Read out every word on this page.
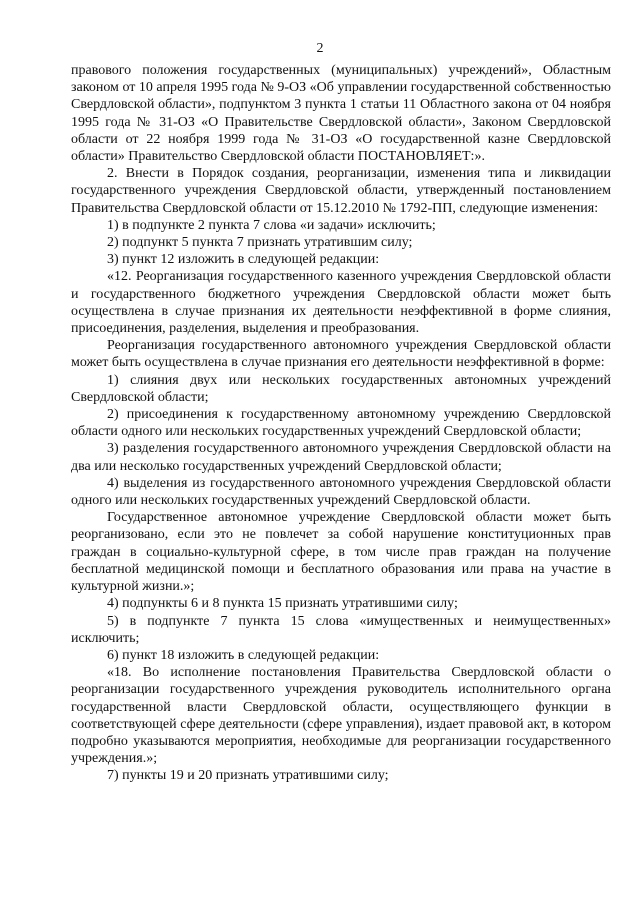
2

правового положения государственных (муниципальных) учреждений», Областным законом от 10 апреля 1995 года № 9-ОЗ «Об управлении государственной собственностью Свердловской области», подпунктом 3 пункта 1 статьи 11 Областного закона от 04 ноября 1995 года № 31-ОЗ «О Правительстве Свердловской области», Законом Свердловской области от 22 ноября 1999 года № 31-ОЗ «О государственной казне Свердловской области» Правительство Свердловской области ПОСТАНОВЛЯЕТ:».

2. Внести в Порядок создания, реорганизации, изменения типа и ликвидации государственного учреждения Свердловской области, утвержденный постановлением Правительства Свердловской области от 15.12.2010 № 1792-ПП, следующие изменения:

1) в подпункте 2 пункта 7 слова «и задачи» исключить;

2) подпункт 5 пункта 7 признать утратившим силу;

3) пункт 12 изложить в следующей редакции:

«12. Реорганизация государственного казенного учреждения Свердловской области и государственного бюджетного учреждения Свердловской области может быть осуществлена в случае признания их деятельности неэффективной в форме слияния, присоединения, разделения, выделения и преобразования.

Реорганизация государственного автономного учреждения Свердловской области может быть осуществлена в случае признания его деятельности неэффективной в форме:

1) слияния двух или нескольких государственных автономных учреждений Свердловской области;

2) присоединения к государственному автономному учреждению Свердловской области одного или нескольких государственных учреждений Свердловской области;

3) разделения государственного автономного учреждения Свердловской области на два или несколько государственных учреждений Свердловской области;

4) выделения из государственного автономного учреждения Свердловской области одного или нескольких государственных учреждений Свердловской области.

Государственное автономное учреждение Свердловской области может быть реорганизовано, если это не повлечет за собой нарушение конституционных прав граждан в социально-культурной сфере, в том числе прав граждан на получение бесплатной медицинской помощи и бесплатного образования или права на участие в культурной жизни.»;

4) подпункты 6 и 8 пункта 15 признать утратившими силу;

5) в подпункте 7 пункта 15 слова «имущественных и неимущественных» исключить;

6) пункт 18 изложить в следующей редакции:

«18. Во исполнение постановления Правительства Свердловской области о реорганизации государственного учреждения руководитель исполнительного органа государственной власти Свердловской области, осуществляющего функции в соответствующей сфере деятельности (сфере управления), издает правовой акт, в котором подробно указываются мероприятия, необходимые для реорганизации государственного учреждения.»;

7) пункты 19 и 20 признать утратившими силу;
